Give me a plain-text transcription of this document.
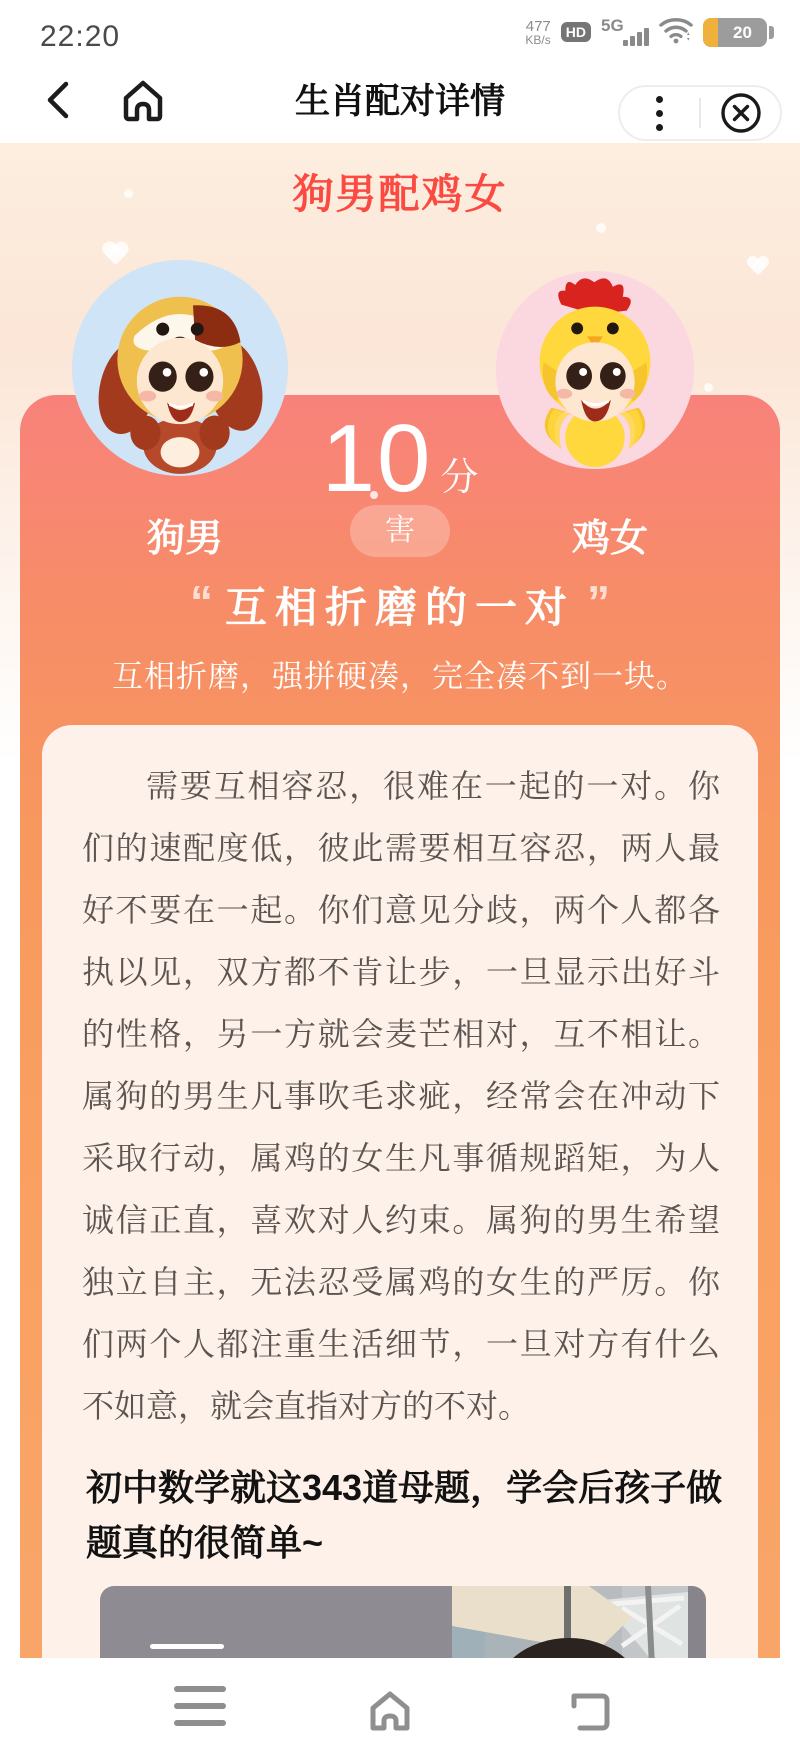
22:20	477
KB/s	HD 5G	20
生肖配对详情
狗男配鸡女
10 分
害
狗男	鸡女
“ 互相折磨的一对 ”
互相折磨，强拼硬凑，完全凑不到一块。
需要互相容忍，很难在一起的一对。你们的速配度低，彼此需要相互容忍，两人最好不要在一起。你们意见分歧，两个人都各执以见，双方都不肯让步，一旦显示出好斗的性格，另一方就会麦芒相对，互不相让。属狗的男生凡事吹毛求疵，经常会在冲动下采取行动，属鸡的女生凡事循规蹈矩，为人诚信正直，喜欢对人约束。属狗的男生希望独立自主，无法忍受属鸡的女生的严厉。你们两个人都注重生活细节，一旦对方有什么不如意，就会直指对方的不对。
初中数学就这343道母题，学会后孩子做题真的很简单~
